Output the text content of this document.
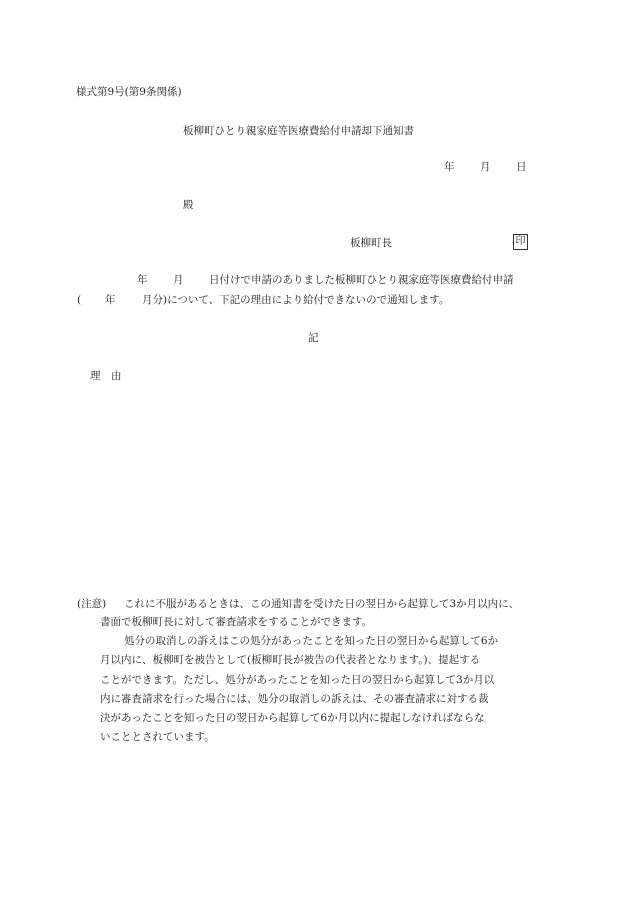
様式第9号(第9条関係)
板柳町ひとり親家庭等医療費給付申請却下通知書
年 月 日
殿
板柳町長	印
年 月 日付けで申請のありました板柳町ひとり親家庭等医療費給付申請
( 年	月分)について、下記の理由により給付できないので通知します。
記
理　由
(注意) これに不服があるときは、この通知書を受けた日の翌日から起算して3か月以内に、
書面で板柳町長に対して審査請求をすることができます。
処分の取消しの訴えはこの処分があったことを知った日の翌日から起算して6か
月以内に、板柳町を被告として(板柳町長が被告の代表者となります。)、提起する
ことができます。ただし、処分があったことを知った日の翌日から起算して3か月以
内に審査請求を行った場合には、処分の取消しの訴えは、その審査請求に対する裁
決があったことを知った日の翌日から起算して6か月以内に提起しなければならな
いこととされています。
